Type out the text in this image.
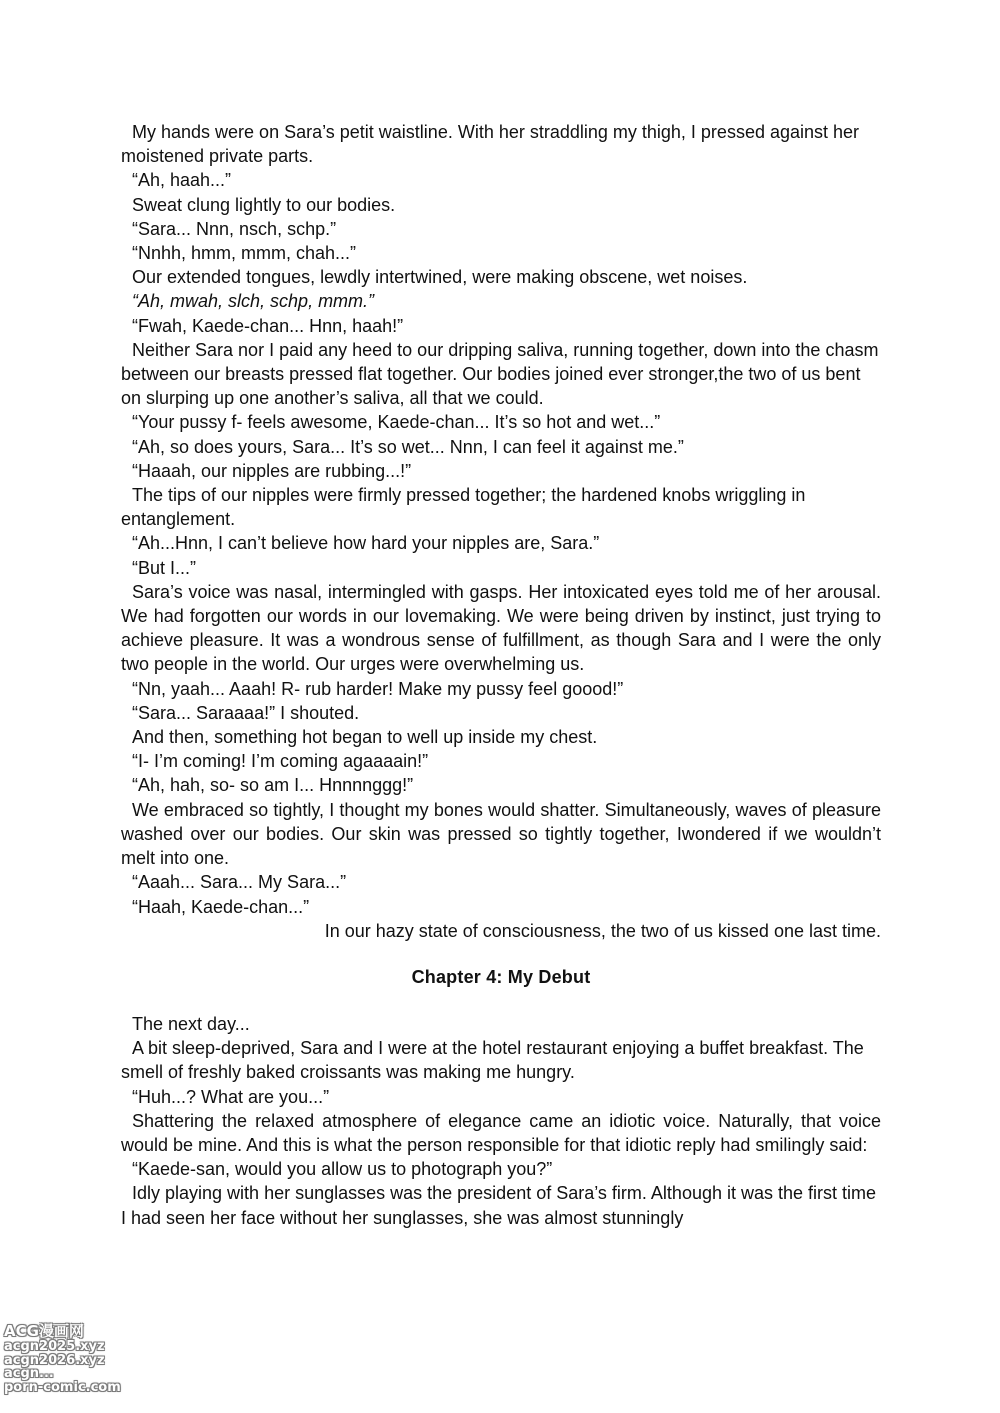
My hands were on Sara’s petit waistline. With her straddling my thigh, I pressed against her moistened private parts.

“Ah, haah...”

Sweat clung lightly to our bodies.

“Sara... Nnn, nsch, schp.”

“Nnhh, hmm, mmm, chah...”

Our extended tongues, lewdly intertwined, were making obscene, wet noises.

“Ah, mwah, slch, schp, mmm.”

“Fwah, Kaede-chan... Hnn, haah!”

Neither Sara nor I paid any heed to our dripping saliva, running together, down into the chasm between our breasts pressed flat together. Our bodies joined ever stronger,the two of us bent on slurping up one another’s saliva, all that we could.

“Your pussy f- feels awesome, Kaede-chan... It’s so hot and wet...”

“Ah, so does yours, Sara... It’s so wet... Nnn, I can feel it against me.”

“Haaah, our nipples are rubbing...!”

The tips of our nipples were firmly pressed together; the hardened knobs wriggling in entanglement.

“Ah...Hnn, I can’t believe how hard your nipples are, Sara.”

“But I...”

Sara’s voice was nasal, intermingled with gasps. Her intoxicated eyes told me of her arousal. We had forgotten our words in our lovemaking. We were being driven by instinct, just trying to achieve pleasure. It was a wondrous sense of fulfillment, as though Sara and I were the only two people in the world. Our urges were overwhelming us.

“Nn, yaah... Aaah! R- rub harder! Make my pussy feel goood!”

“Sara... Saraaaa!” I shouted.

And then, something hot began to well up inside my chest.

“I- I’m coming! I’m coming agaaaain!”

“Ah, hah, so- so am I... Hnnnnggg!”

We embraced so tightly, I thought my bones would shatter. Simultaneously, waves of pleasure washed over our bodies. Our skin was pressed so tightly together, Iwondered if we wouldn’t melt into one.

“Aaah... Sara... My Sara...”

“Haah, Kaede-chan...”

In our hazy state of consciousness, the two of us kissed one last time.

Chapter 4: My Debut

The next day...

A bit sleep-deprived, Sara and I were at the hotel restaurant enjoying a buffet breakfast. The smell of freshly baked croissants was making me hungry.

“Huh...? What are you...”

Shattering the relaxed atmosphere of elegance came an idiotic voice. Naturally, that voice would be mine. And this is what the person responsible for that idiotic reply had smilingly said:

“Kaede-san, would you allow us to photograph you?”

Idly playing with her sunglasses was the president of Sara’s firm. Although it was the first time I had seen her face without her sunglasses, she was almost stunningly

ACG漫画网
acgn2025.xyz
acgn2026.xyz
acgn...
porn-comic.com
